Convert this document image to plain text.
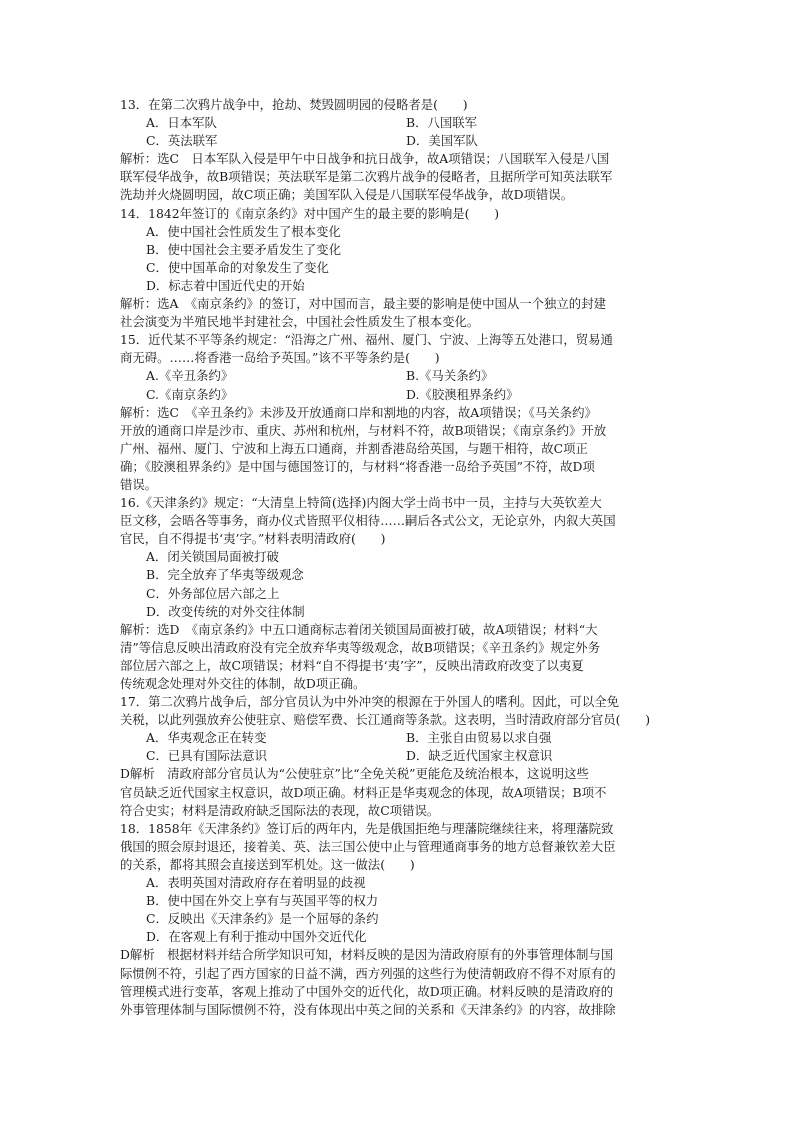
13．在第二次鸦片战争中，抢劫、焚毁圆明园的侵略者是(　　)
A．日本军队	B．八国联军
C．英法联军	D．美国军队
解析：选C　日本军队入侵是甲午中日战争和抗日战争，故A项错误；八国联军入侵是八国
联军侵华战争，故B项错误；英法联军是第二次鸦片战争的侵略者，且据所学可知英法联军
洗劫并火烧圆明园，故C项正确；美国军队入侵是八国联军侵华战争，故D项错误。
14．1842年签订的《南京条约》对中国产生的最主要的影响是(　　)
A．使中国社会性质发生了根本变化
B．使中国社会主要矛盾发生了变化
C．使中国革命的对象发生了变化
D．标志着中国近代史的开始
解析：选A　《南京条约》的签订，对中国而言，最主要的影响是使中国从一个独立的封建
社会演变为半殖民地半封建社会，中国社会性质发生了根本变化。
15．近代某不平等条约规定：“沿海之广州、福州、厦门、宁波、上海等五处港口，贸易通
商无碍。……将香港一岛给予英国。”该不平等条约是(　　)
A.《辛丑条约》	B.《马关条约》
C.《南京条约》	D.《胶澳租界条约》
解析：选C　《辛丑条约》未涉及开放通商口岸和割地的内容，故A项错误；《马关条约》
开放的通商口岸是沙市、重庆、苏州和杭州，与材料不符，故B项错误；《南京条约》开放
广州、福州、厦门、宁波和上海五口通商，并割香港岛给英国，与题干相符，故C项正
确；《胶澳租界条约》是中国与德国签订的，与材料“将香港一岛给予英国”不符，故D项
错误。
16.《天津条约》规定：“大清皇上特简(选择)内阁大学士尚书中一员，主持与大英钦差大
臣文移，会晤各等事务，商办仪式皆照平仪相待……嗣后各式公文，无论京外，内叙大英国
官民，自不得提书‘夷’字。”材料表明清政府(　　)
A．闭关锁国局面被打破
B．完全放弃了华夷等级观念
C．外务部位居六部之上
D．改变传统的对外交往体制
解析：选D　《南京条约》中五口通商标志着闭关锁国局面被打破，故A项错误；材料“大
清”等信息反映出清政府没有完全放弃华夷等级观念，故B项错误；《辛丑条约》规定外务
部位居六部之上，故C项错误；材料“自不得提书‘夷’字”，反映出清政府改变了以夷夏
传统观念处理对外交往的体制，故D项正确。
17．第二次鸦片战争后，部分官员认为中外冲突的根源在于外国人的嗜利。因此，可以全免
关税，以此列强放弃公使驻京、赔偿军费、长江通商等条款。这表明，当时清政府部分官员(　　)
A．华夷观念正在转变	B．主张自由贸易以求自强
C．已具有国际法意识	D．缺乏近代国家主权意识
D解析　清政府部分官员认为“公使驻京”比“全免关税”更能危及统治根本，这说明这些
官员缺乏近代国家主权意识，故D项正确。材料正是华夷观念的体现，故A项错误；B项不
符合史实；材料是清政府缺乏国际法的表现，故C项错误。
18．1858年《天津条约》签订后的两年内，先是俄国拒绝与理藩院继续往来，将理藩院致
俄国的照会原封退还，接着美、英、法三国公使中止与管理通商事务的地方总督兼钦差大臣
的关系，都将其照会直接送到军机处。这一做法(　　)
A．表明英国对清政府存在着明显的歧视
B．使中国在外交上享有与英国平等的权力
C．反映出《天津条约》是一个屈辱的条约
D．在客观上有利于推动中国外交近代化
D解析　根据材料并结合所学知识可知，材料反映的是因为清政府原有的外事管理体制与国
际惯例不符，引起了西方国家的日益不满，西方列强的这些行为使清朝政府不得不对原有的
管理模式进行变革，客观上推动了中国外交的近代化，故D项正确。材料反映的是清政府的
外事管理体制与国际惯例不符，没有体现出中英之间的关系和《天津条约》的内容，故排除
